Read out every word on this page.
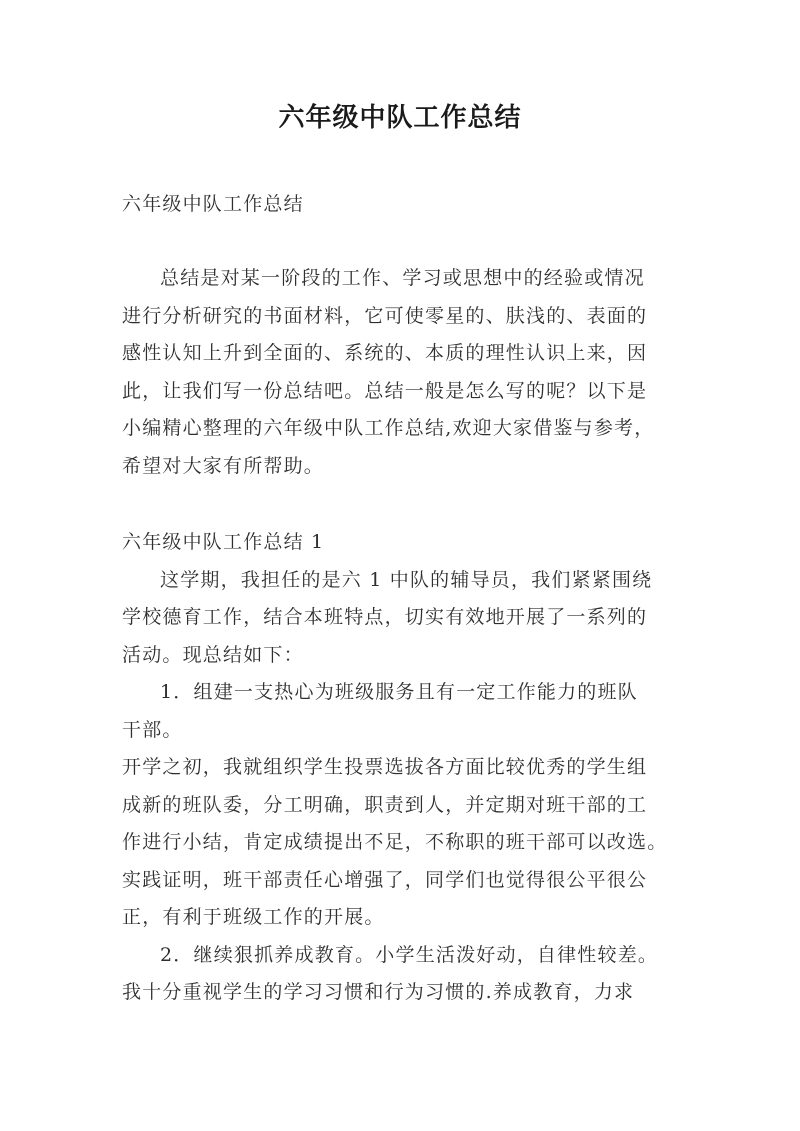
六年级中队工作总结
六年级中队工作总结
总结是对某一阶段的工作、学习或思想中的经验或情况
进行分析研究的书面材料，它可使零星的、肤浅的、表面的
感性认知上升到全面的、系统的、本质的理性认识上来，因
此，让我们写一份总结吧。总结一般是怎么写的呢？以下是
小编精心整理的六年级中队工作总结,欢迎大家借鉴与参考，
希望对大家有所帮助。
六年级中队工作总结 1
这学期，我担任的是六 1 中队的辅导员，我们紧紧围绕
学校德育工作，结合本班特点，切实有效地开展了一系列的
活动。现总结如下：
1．组建一支热心为班级服务且有一定工作能力的班队
干部。
开学之初，我就组织学生投票选拔各方面比较优秀的学生组
成新的班队委，分工明确，职责到人，并定期对班干部的工
作进行小结，肯定成绩提出不足，不称职的班干部可以改选。
实践证明，班干部责任心增强了，同学们也觉得很公平很公
正，有利于班级工作的开展。
2．继续狠抓养成教育。小学生活泼好动，自律性较差。
我十分重视学生的学习习惯和行为习惯的.养成教育，力求
